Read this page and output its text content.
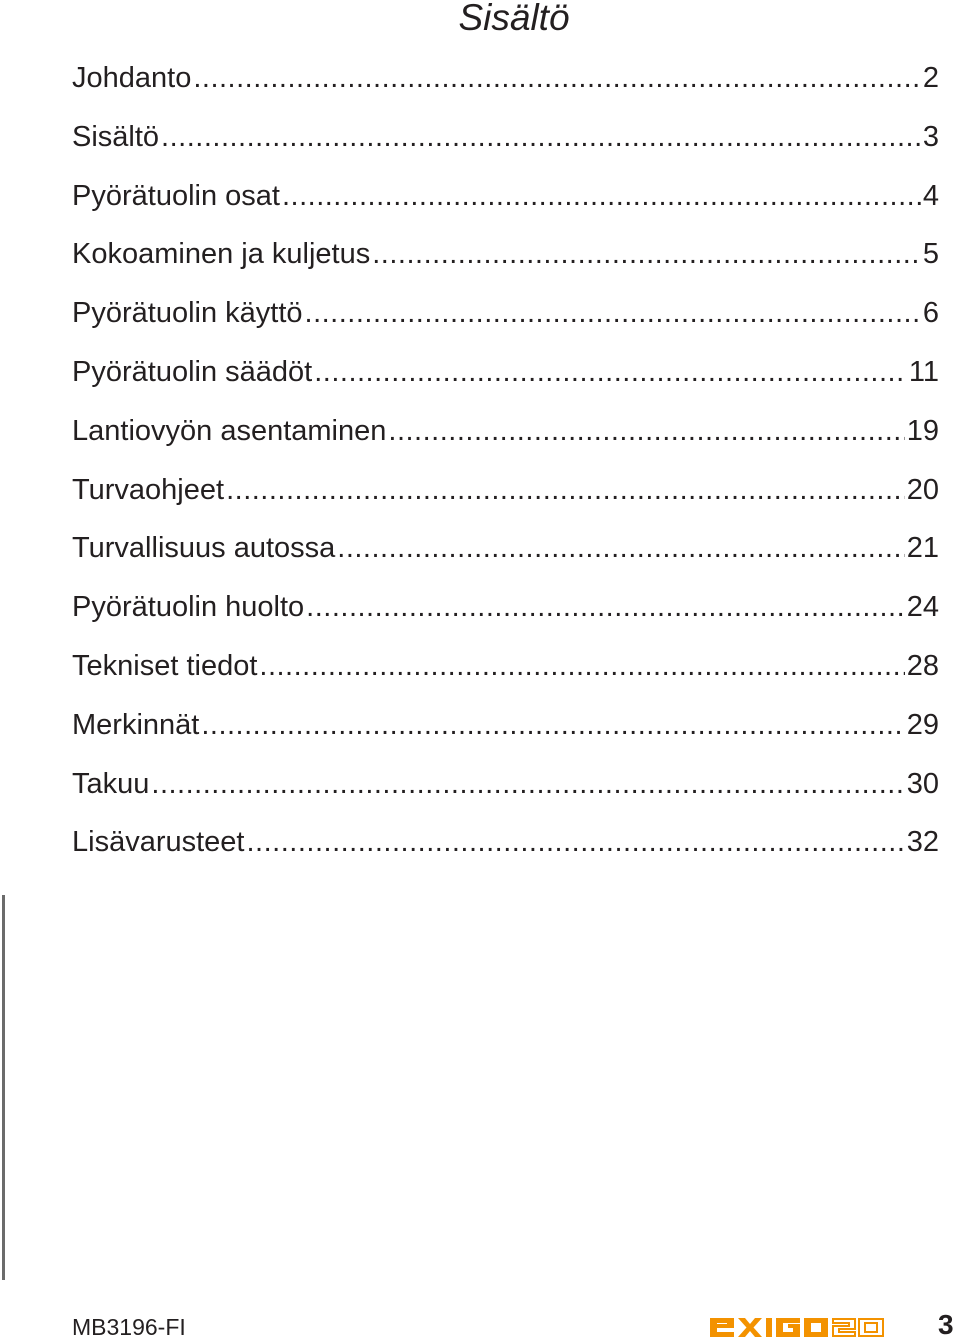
Sisältö
Johdanto .....	2
Sisältö .....	3
Pyörätuolin osat .....	4
Kokoaminen ja kuljetus .....	5
Pyörätuolin käyttö .....	6
Pyörätuolin säädöt .....	11
Lantiovyön asentaminen .....	19
Turvaohjeet .....	20
Turvallisuus autossa .....	21
Pyörätuolin huolto .....	24
Tekniset tiedot .....	28
Merkinnät .....	29
Takuu .....	30
Lisävarusteet .....	32
MB3196-FI	3
